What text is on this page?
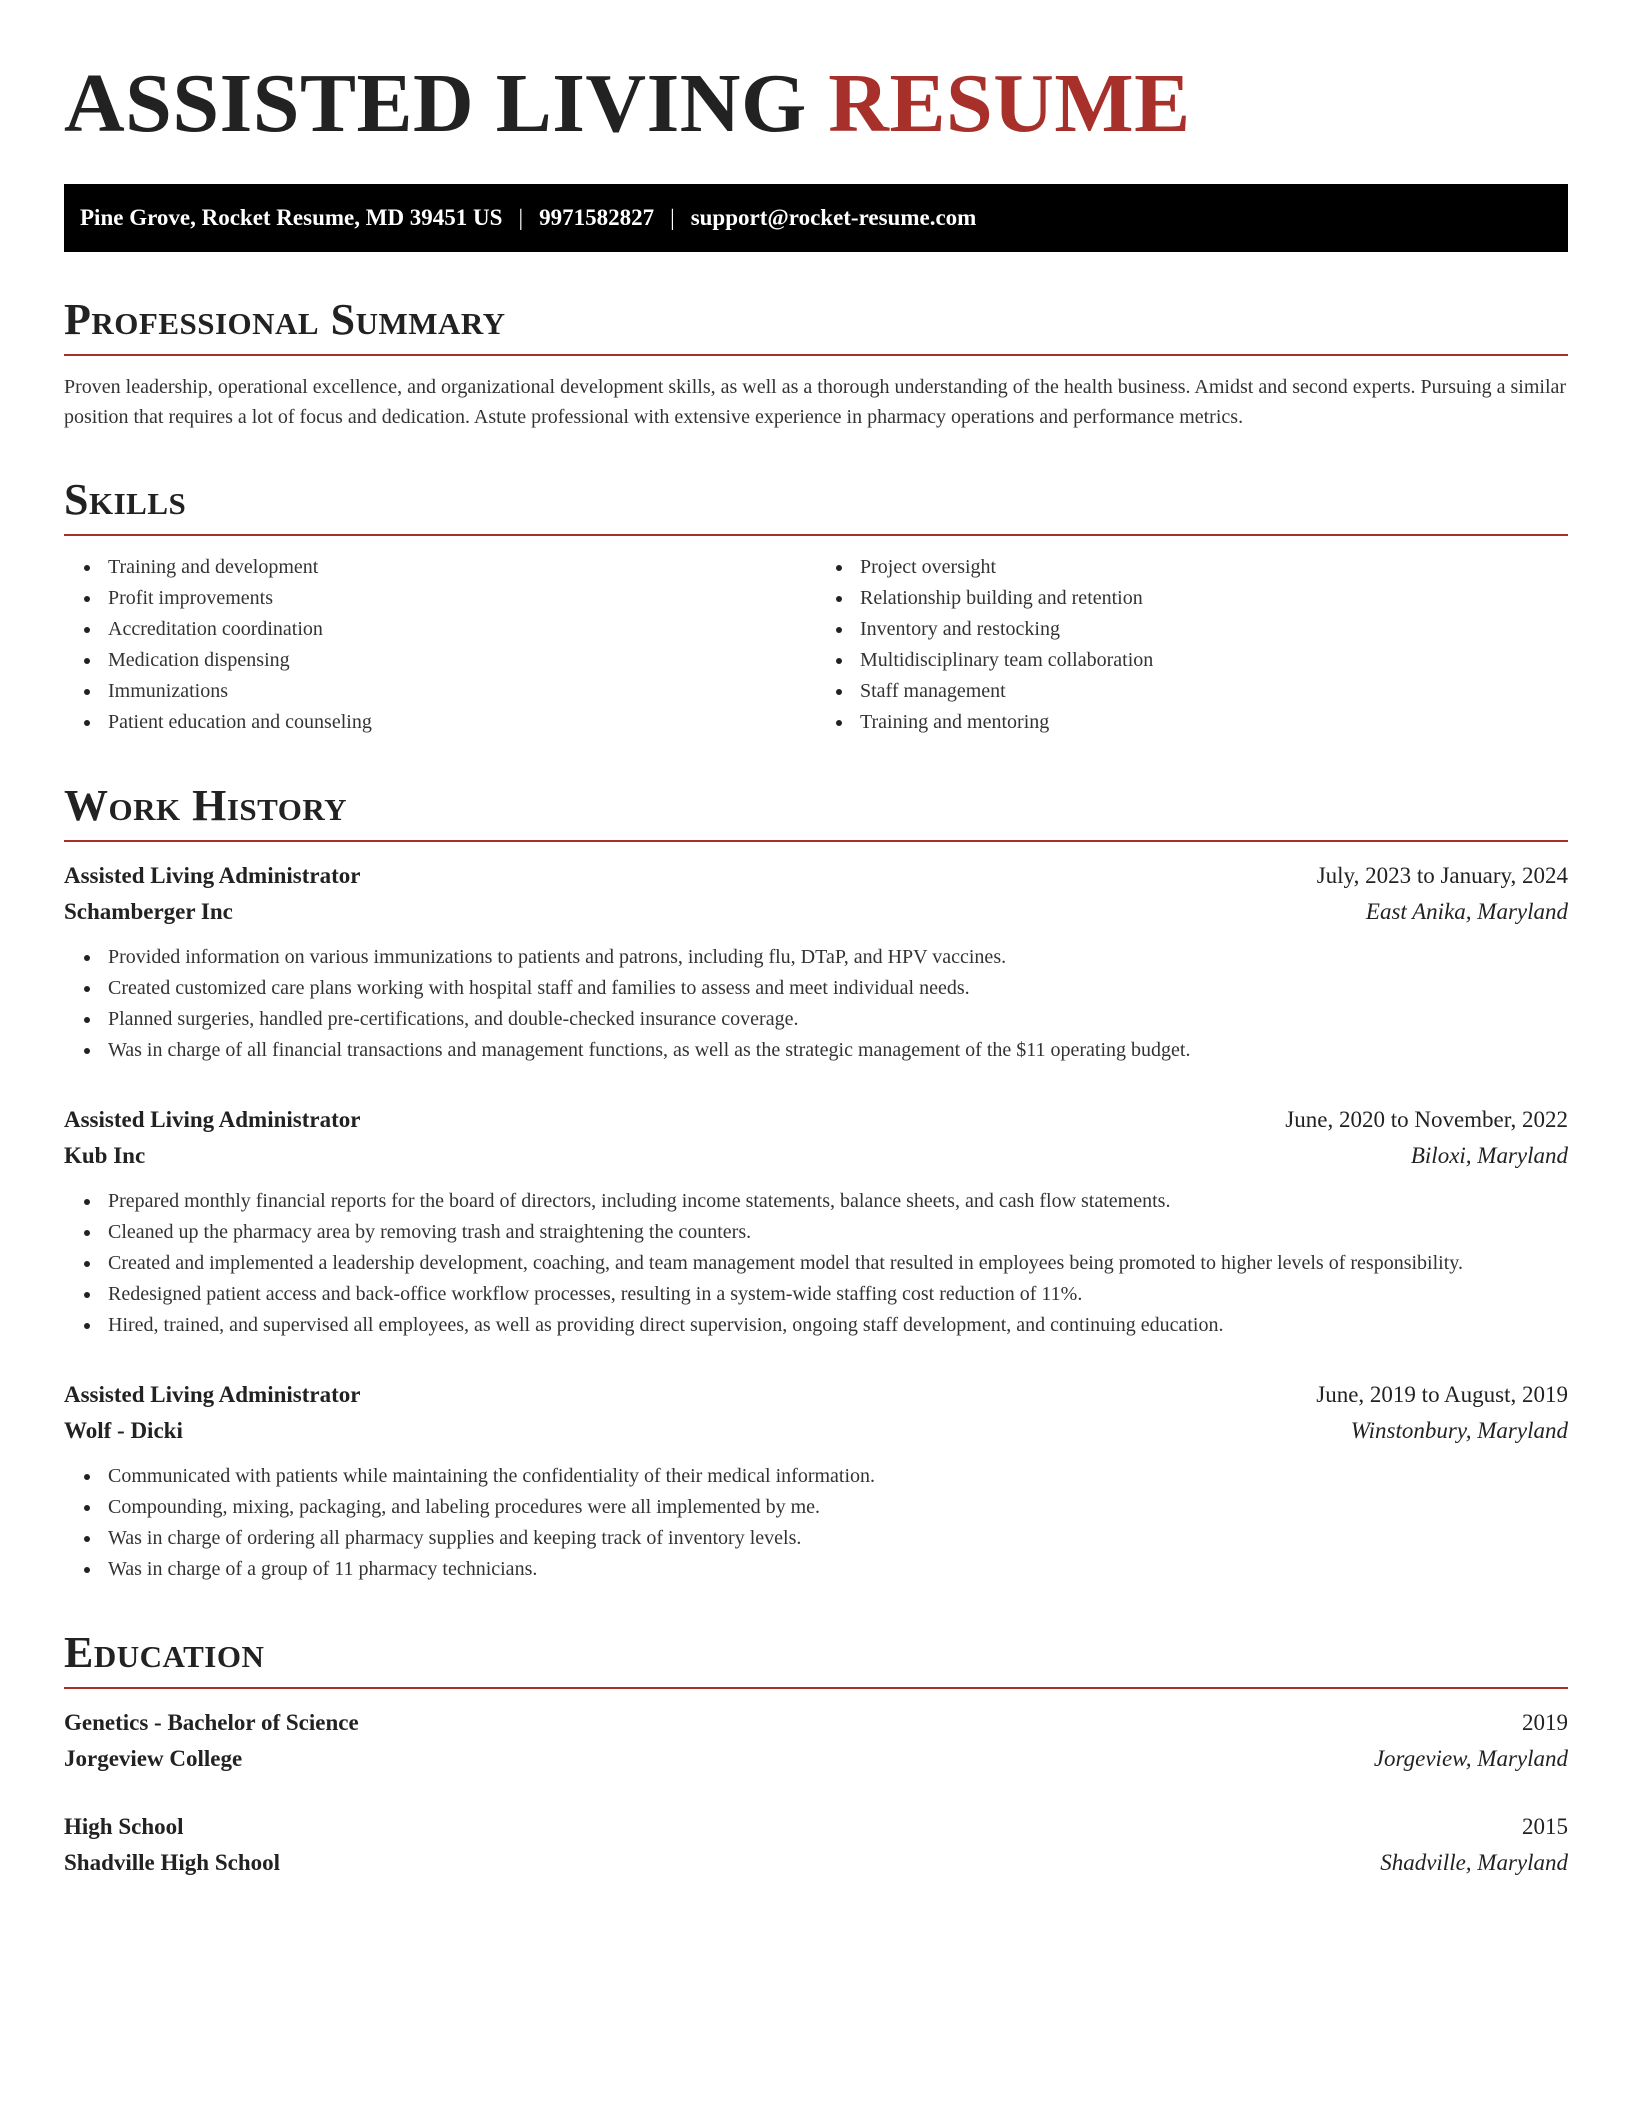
ASSISTED LIVING RESUME
Pine Grove, Rocket Resume, MD 39451 US | 9971582827 | support@rocket-resume.com
Professional Summary

Proven leadership, operational excellence, and organizational development skills, as well as a thorough understanding of the health business. Amidst and second experts. Pursuing a similar position that requires a lot of focus and dedication. Astute professional with extensive experience in pharmacy operations and performance metrics.

Skills
Training and development
Profit improvements
Accreditation coordination
Medication dispensing
Immunizations
Patient education and counseling
Project oversight
Relationship building and retention
Inventory and restocking
Multidisciplinary team collaboration
Staff management
Training and mentoring
Work History
Assisted Living Administrator	July, 2023 to January, 2024
Schamberger Inc	East Anika, Maryland
Provided information on various immunizations to patients and patrons, including flu, DTaP, and HPV vaccines.
Created customized care plans working with hospital staff and families to assess and meet individual needs.
Planned surgeries, handled pre-certifications, and double-checked insurance coverage.
Was in charge of all financial transactions and management functions, as well as the strategic management of the $11 operating budget.
Assisted Living Administrator	June, 2020 to November, 2022
Kub Inc	Biloxi, Maryland
Prepared monthly financial reports for the board of directors, including income statements, balance sheets, and cash flow statements.
Cleaned up the pharmacy area by removing trash and straightening the counters.
Created and implemented a leadership development, coaching, and team management model that resulted in employees being promoted to higher levels of responsibility.
Redesigned patient access and back-office workflow processes, resulting in a system-wide staffing cost reduction of 11%.
Hired, trained, and supervised all employees, as well as providing direct supervision, ongoing staff development, and continuing education.
Assisted Living Administrator	June, 2019 to August, 2019
Wolf - Dicki	Winstonbury, Maryland
Communicated with patients while maintaining the confidentiality of their medical information.
Compounding, mixing, packaging, and labeling procedures were all implemented by me.
Was in charge of ordering all pharmacy supplies and keeping track of inventory levels.
Was in charge of a group of 11 pharmacy technicians.
Education
Genetics - Bachelor of Science	2019
Jorgeview College	Jorgeview, Maryland
High School	2015
Shadville High School	Shadville, Maryland
